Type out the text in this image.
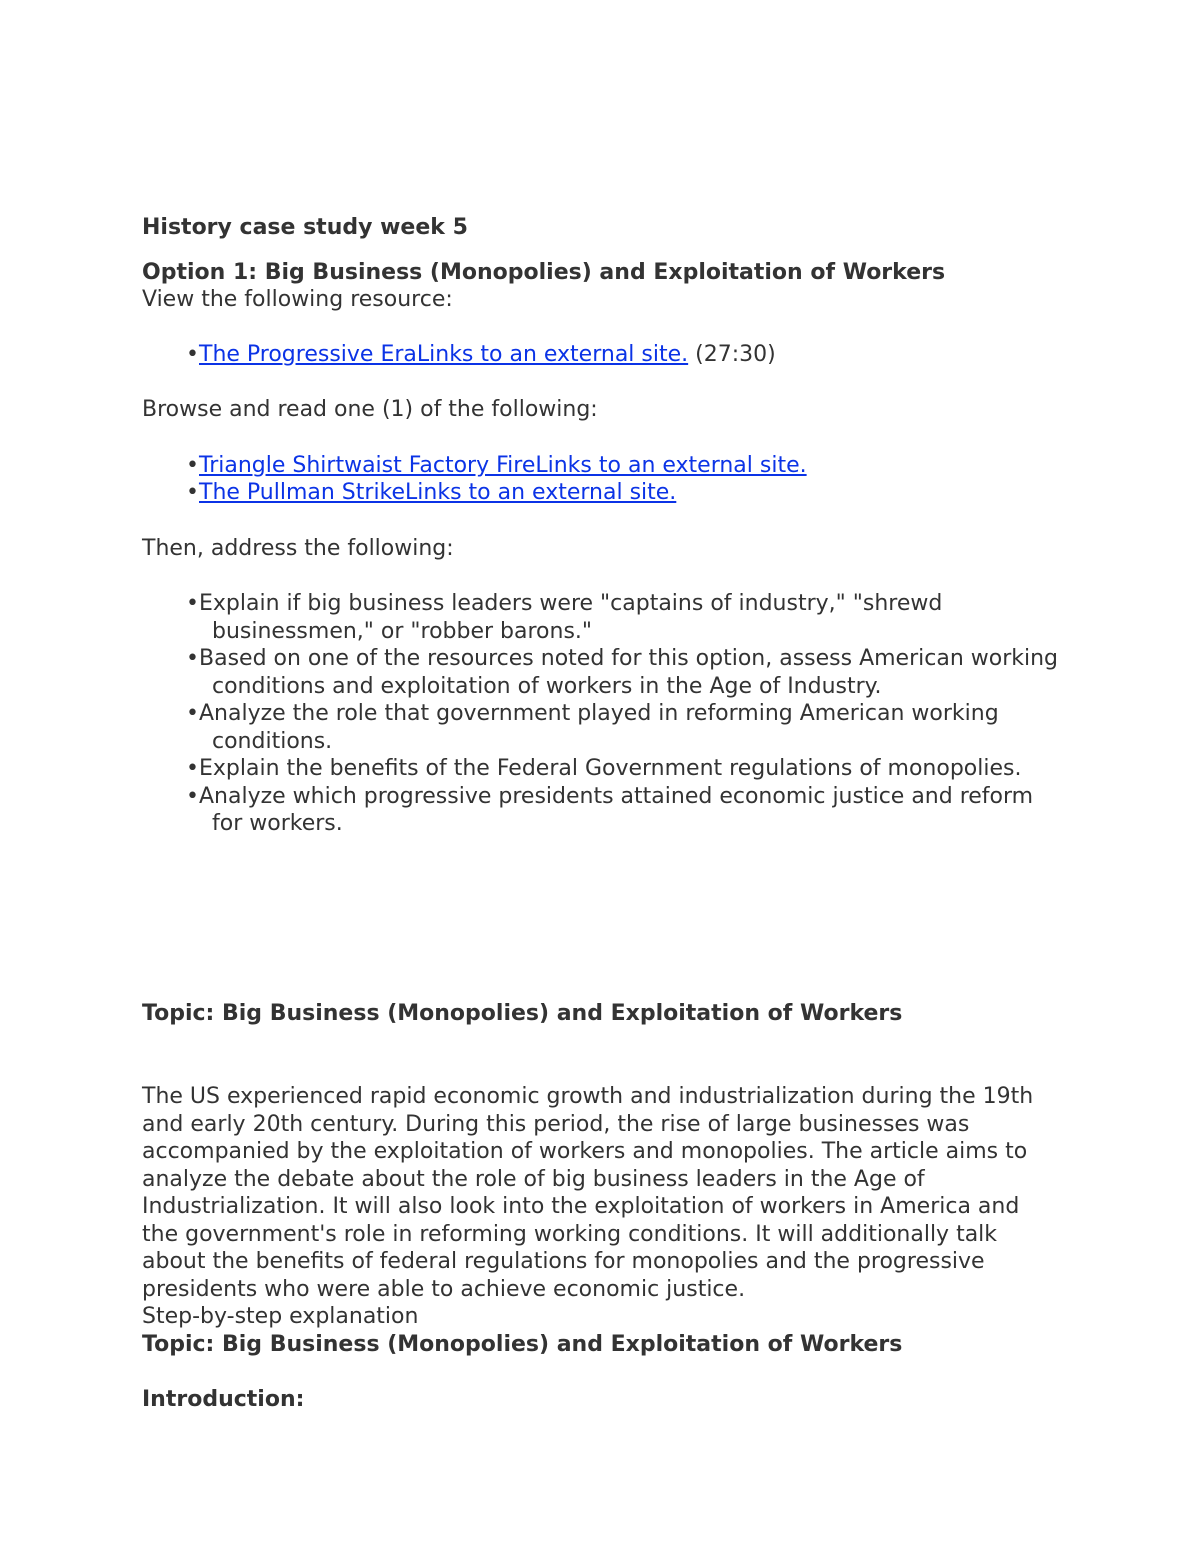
History case study week 5

Option 1: Big Business (Monopolies) and Exploitation of Workers

View the following resource:

• The Progressive EraLinks to an external site. (27:30)

Browse and read one (1) of the following:

• Triangle Shirtwaist Factory FireLinks to an external site.
• The Pullman StrikeLinks to an external site.

Then, address the following:

• Explain if big business leaders were "captains of industry," "shrewd businessmen," or "robber barons."
• Based on one of the resources noted for this option, assess American working conditions and exploitation of workers in the Age of Industry.
• Analyze the role that government played in reforming American working conditions.
• Explain the benefits of the Federal Government regulations of monopolies.
• Analyze which progressive presidents attained economic justice and reform for workers.

Topic: Big Business (Monopolies) and Exploitation of Workers

The US experienced rapid economic growth and industrialization during the 19th and early 20th century. During this period, the rise of large businesses was accompanied by the exploitation of workers and monopolies. The article aims to analyze the debate about the role of big business leaders in the Age of Industrialization. It will also look into the exploitation of workers in America and the government's role in reforming working conditions. It will additionally talk about the benefits of federal regulations for monopolies and the progressive presidents who were able to achieve economic justice.

Step-by-step explanation

Topic: Big Business (Monopolies) and Exploitation of Workers

Introduction:
